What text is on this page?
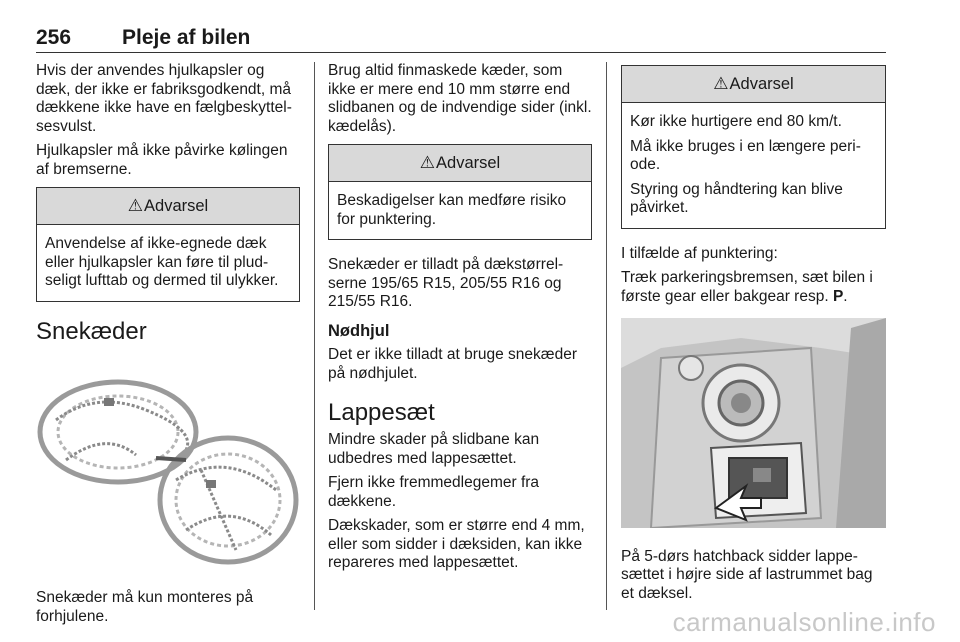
256 Pleje af bilen

Hvis der anvendes hjulkapsler og dæk, der ikke er fabriksgodkendt, må dækkene ikke have en fælgbeskyttelsesvulst.

Hjulkapsler må ikke påvirke kølingen af bremserne.

⚠ Advarsel

Anvendelse af ikke-egnede dæk eller hjulkapsler kan føre til pludseligt lufttab og dermed til ulykker.

Snekæder

Snekæder må kun monteres på forhjulene.

Brug altid finmaskede kæder, som ikke er mere end 10 mm større end slidbanen og de indvendige sider (inkl. kædelås).

⚠ Advarsel

Beskadigelser kan medføre risiko for punktering.

Snekæder er tilladt på dækstørrelserne 195/65 R15, 205/55 R16 og 215/55 R16.

Nødhjul

Det er ikke tilladt at bruge snekæder på nødhjulet.

Lappesæt

Mindre skader på slidbane kan udbedres med lappesættet.

Fjern ikke fremmedlegemer fra dækkene.

Dækskader, som er større end 4 mm, eller som sidder i dæksiden, kan ikke repareres med lappesættet.

⚠ Advarsel

Kør ikke hurtigere end 80 km/t.

Må ikke bruges i en længere periode.

Styring og håndtering kan blive påvirket.

I tilfælde af punktering:

Træk parkeringsbremsen, sæt bilen i første gear eller bakgear resp. P.

På 5-dørs hatchback sidder lappesættet i højre side af lastrummet bag et dæksel.

carmanualsonline.info
